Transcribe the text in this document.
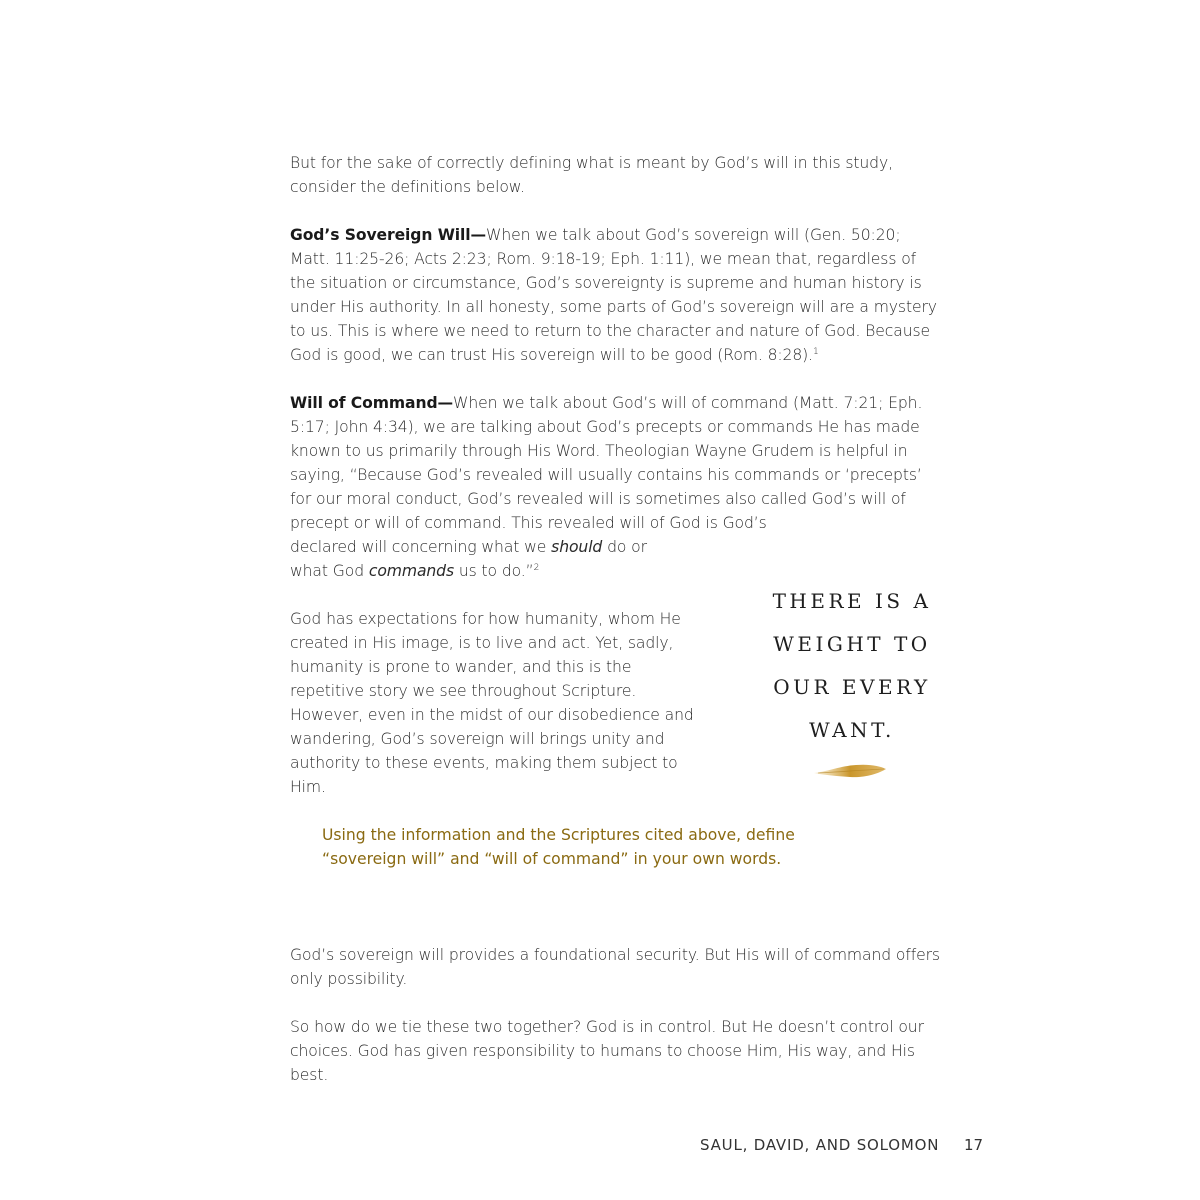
But for the sake of correctly defining what is meant by God’s will in this study, consider the definitions below.

God’s Sovereign Will—When we talk about God’s sovereign will (Gen. 50:20; Matt. 11:25-26; Acts 2:23; Rom. 9:18-19; Eph. 1:11), we mean that, regardless of the situation or circumstance, God’s sovereignty is supreme and human history is under His authority. In all honesty, some parts of God’s sovereign will are a mystery to us. This is where we need to return to the character and nature of God. Because God is good, we can trust His sovereign will to be good (Rom. 8:28).$^1$

Will of Command—When we talk about God’s will of command (Matt. 7:21; Eph. 5:17; John 4:34), we are talking about God’s precepts or commands He has made known to us primarily through His Word. Theologian Wayne Grudem is helpful in saying, “Because God’s revealed will usually contains his commands or ‘precepts’ for our moral conduct, God’s revealed will is sometimes also called God’s will of precept or will of command. This revealed will of God is God’s

declared will concerning what we should do or
what God commands us to do.”$^2$

God has expectations for how humanity, whom He created in His image, is to live and act. Yet, sadly, humanity is prone to wander, and this is the repetitive story we see throughout Scripture. However, even in the midst of our disobedience and wandering, God’s sovereign will brings unity and authority to these events, making them subject to Him.

THERE IS A
WEIGHT TO
OUR EVERY
WANT.

Using the information and the Scriptures cited above, define “sovereign will” and “will of command” in your own words.

God’s sovereign will provides a foundational security. But His will of command offers only possibility.

So how do we tie these two together? God is in control. But He doesn’t control our choices. God has given responsibility to humans to choose Him, His way, and His best.

SAUL, DAVID, AND SOLOMON 17
